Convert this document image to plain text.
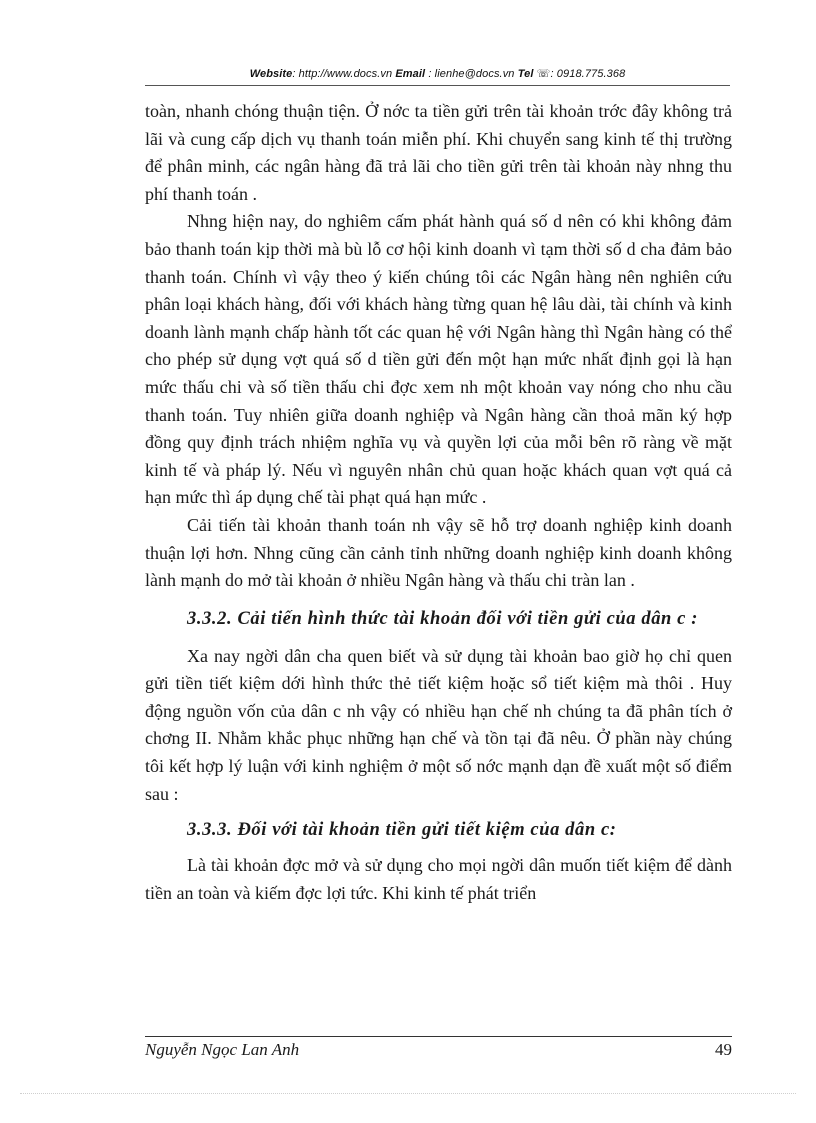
Website: http://www.docs.vn Email : lienhe@docs.vn Tel ☏: 0918.775.368

toàn, nhanh chóng thuận tiện. Ở nớc ta tiền gửi trên tài khoản trớc đây không trả lãi và cung cấp dịch vụ thanh toán miễn phí. Khi chuyển sang kinh tế thị trường để phân minh, các ngân hàng đã trả lãi cho tiền gửi trên tài khoản này nhng thu phí thanh toán .

Nhng hiện nay, do nghiêm cấm phát hành quá số d nên có khi không đảm bảo thanh toán kịp thời mà bù lỗ cơ hội kinh doanh vì tạm thời số d cha đảm bảo thanh toán. Chính vì vậy theo ý kiến chúng tôi các Ngân hàng nên nghiên cứu phân loại khách hàng, đối với khách hàng từng quan hệ lâu dài, tài chính và kinh doanh lành mạnh chấp hành tốt các quan hệ với Ngân hàng thì Ngân hàng có thể cho phép sử dụng vợt quá số d tiền gửi đến một hạn mức nhất định gọi là hạn mức thấu chi và số tiền thấu chi đợc xem nh một khoản vay nóng cho nhu cầu thanh toán. Tuy nhiên giữa doanh nghiệp và Ngân hàng cần thoả mãn ký hợp đồng quy định trách nhiệm nghĩa vụ và quyền lợi của mỗi bên rõ ràng về mặt kinh tế và pháp lý. Nếu vì nguyên nhân chủ quan hoặc khách quan vợt quá cả hạn mức thì áp dụng chế tài phạt quá hạn mức .

Cải tiến tài khoản thanh toán nh vậy sẽ hỗ trợ doanh nghiệp kinh doanh thuận lợi hơn. Nhng cũng cần cảnh tỉnh những doanh nghiệp kinh doanh không lành mạnh do mở tài khoản ở nhiều Ngân hàng và thấu chi tràn lan .

3.3.2. Cải tiến hình thức tài khoản đối với tiền gửi của dân c :

Xa nay ngời dân cha quen biết và sử dụng tài khoản bao giờ họ chỉ quen gửi tiền tiết kiệm dới hình thức thẻ tiết kiệm hoặc sổ tiết kiệm mà thôi . Huy động nguồn vốn của dân c nh vậy có nhiều hạn chế nh chúng ta đã phân tích ở chơng II. Nhằm khắc phục những hạn chế và tồn tại đã nêu. Ở phần này chúng tôi kết hợp lý luận với kinh nghiệm ở một số nớc mạnh dạn đề xuất một số điểm sau :

3.3.3. Đối với tài khoản tiền gửi tiết kiệm của dân c:

Là tài khoản đợc mở và sử dụng cho mọi ngời dân muốn tiết kiệm để dành tiền an toàn và kiếm đợc lợi tức. Khi kinh tế phát triển

Nguyễn Ngọc Lan Anh	49
